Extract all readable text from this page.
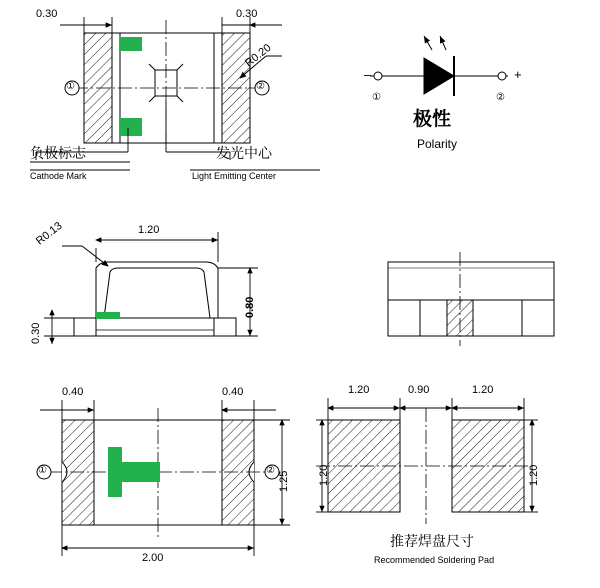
0.30	0.30
R0.20
①	②
负极标志
Cathode Mark
发光中心
Light Emitting Center
–	+
①	②
极性
Polarity
R0.13	1.20
0.80
0.30
0.40	0.40
①	②
1.25
2.00
1.20	0.90	1.20
1.20	1.20
推荐焊盘尺寸
Recommended Soldering Pad
